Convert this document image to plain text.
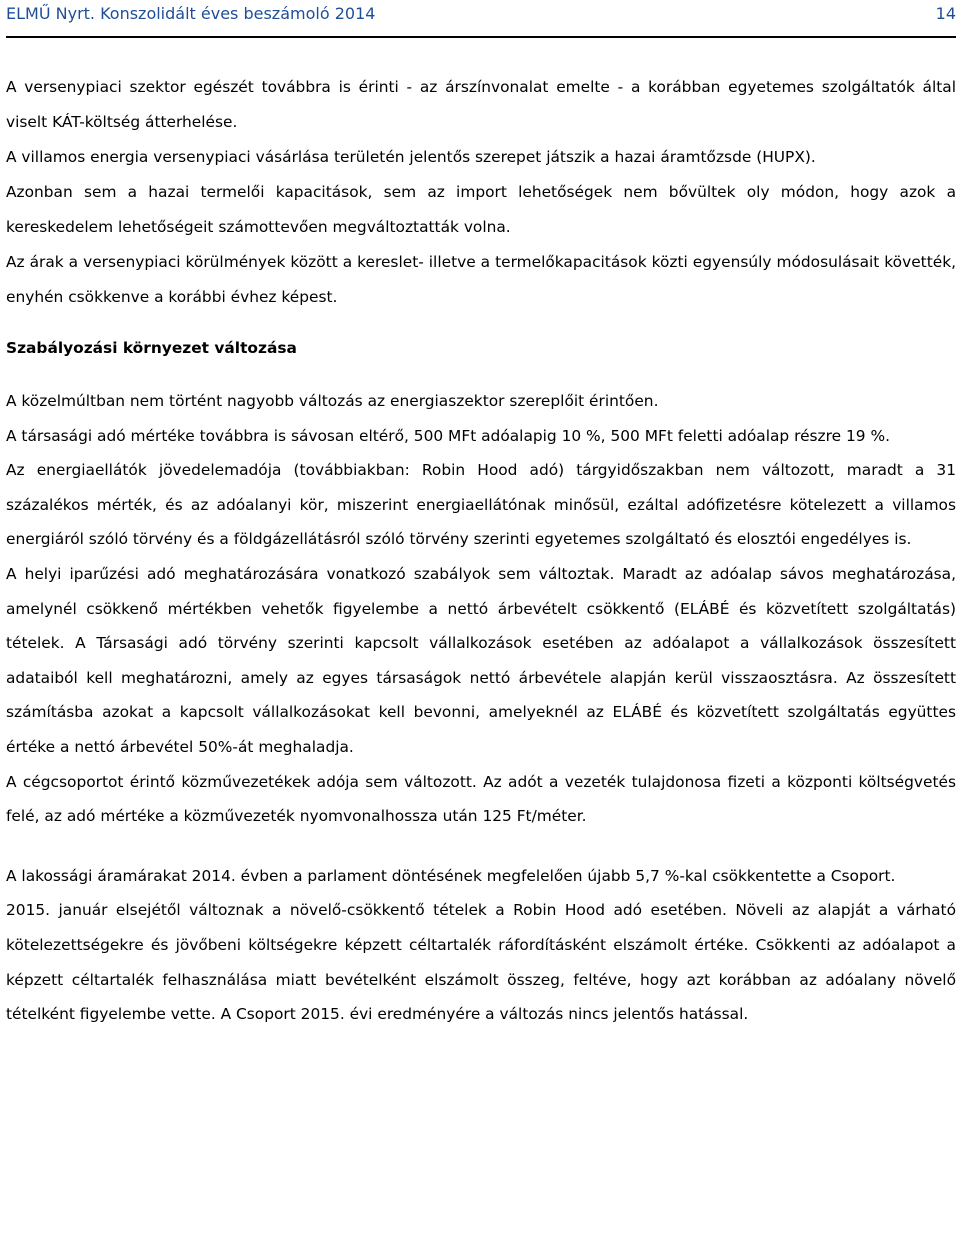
ELMŰ Nyrt. Konszolidált éves beszámoló 2014	14

A versenypiaci szektor egészét továbbra is érinti - az árszínvonalat emelte - a korábban egyetemes szolgáltatók által viselt KÁT-költség átterhelése.

A villamos energia versenypiaci vásárlása területén jelentős szerepet játszik a hazai áramtőzsde (HUPX).

Azonban sem a hazai termelői kapacitások, sem az import lehetőségek nem bővültek oly módon, hogy azok a kereskedelem lehetőségeit számottevően megváltoztatták volna.

Az árak a versenypiaci körülmények között a kereslet- illetve a termelőkapacitások közti egyensúly módosulásait követték, enyhén csökkenve a korábbi évhez képest.

Szabályozási környezet változása

A közelmúltban nem történt nagyobb változás az energiaszektor szereplőit érintően.

A társasági adó mértéke továbbra is sávosan eltérő, 500 MFt adóalapig 10 %, 500 MFt feletti adóalap részre 19 %.

Az energiaellátók jövedelemadója (továbbiakban: Robin Hood adó) tárgyidőszakban nem változott, maradt a 31 százalékos mérték, és az adóalanyi kör, miszerint energiaellátónak minősül, ezáltal adófizetésre kötelezett a villamos energiáról szóló törvény és a földgázellátásról szóló törvény szerinti egyetemes szolgáltató és elosztói engedélyes is.

A helyi iparűzési adó meghatározására vonatkozó szabályok sem változtak. Maradt az adóalap sávos meghatározása, amelynél csökkenő mértékben vehetők figyelembe a nettó árbevételt csökkentő (ELÁBÉ és közvetített szolgáltatás) tételek. A Társasági adó törvény szerinti kapcsolt vállalkozások esetében az adóalapot a vállalkozások összesített adataiból kell meghatározni, amely az egyes társaságok nettó árbevétele alapján kerül visszaosztásra. Az összesített számításba azokat a kapcsolt vállalkozásokat kell bevonni, amelyeknél az ELÁBÉ és közvetített szolgáltatás együttes értéke a nettó árbevétel 50%-át meghaladja.

A cégcsoportot érintő közművezetékek adója sem változott. Az adót a vezeték tulajdonosa fizeti a központi költségvetés felé, az adó mértéke a közművezeték nyomvonalhossza után 125 Ft/méter.

A lakossági áramárakat 2014. évben a parlament döntésének megfelelően újabb 5,7 %-kal csökkentette a Csoport.

2015. január elsejétől változnak a növelő-csökkentő tételek a Robin Hood adó esetében. Növeli az alapját a várható kötelezettségekre és jövőbeni költségekre képzett céltartalék ráfordításként elszámolt értéke. Csökkenti az adóalapot a képzett céltartalék felhasználása miatt bevételként elszámolt összeg, feltéve, hogy azt korábban az adóalany növelő tételként figyelembe vette. A Csoport 2015. évi eredményére a változás nincs jelentős hatással.
